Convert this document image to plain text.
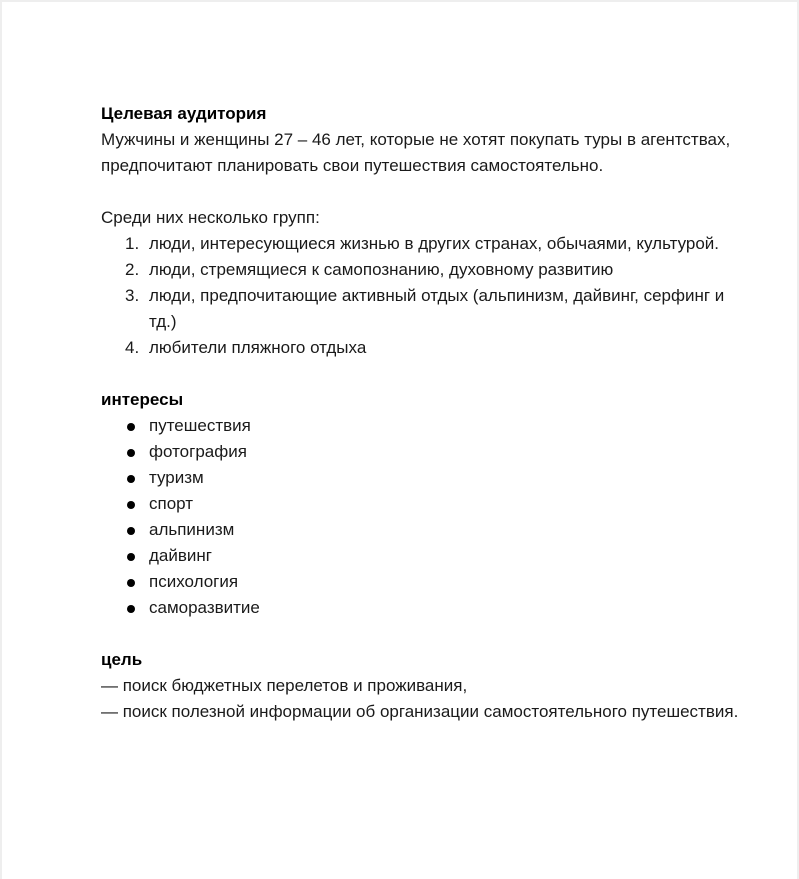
Целевая аудитория

Мужчины и женщины 27 – 46 лет, которые не хотят покупать туры в агентствах, предпочитают планировать свои путешествия самостоятельно.

Среди них несколько групп:

люди, интересующиеся жизнью в других странах, обычаями, культурой.
люди, стремящиеся к самопознанию, духовному развитию
люди, предпочитающие активный отдых (альпинизм, дайвинг, серфинг и тд.)
любители пляжного отдыха
интересы
путешествия
фотография
туризм
спорт
альпинизм
дайвинг
психология
саморазвитие
цель

— поиск бюджетных перелетов и проживания,

— поиск полезной информации об организации самостоятельного путешествия.
